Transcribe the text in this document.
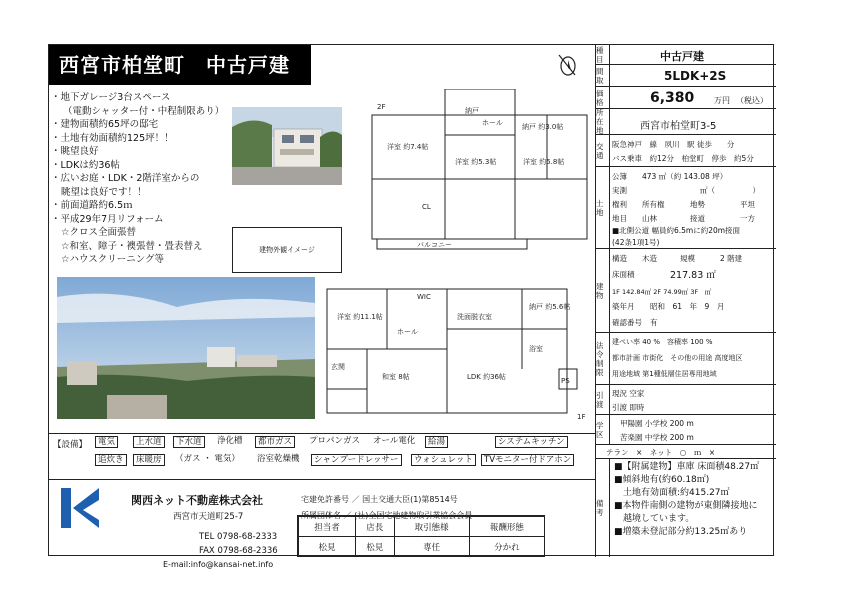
西宮市柏堂町　中古戸建
・地下ガレージ3台スペース
（電動シャッター付・中程制限あり）
・建物面積約65坪の邸宅
・土地有効面積約125坪！！
・眺望良好
・LDKは約36帖
・広いお庭・LDK・2階洋室からの
眺望は良好です！！
・前面道路約6.5ｍ
・平成29年7月リフォーム
☆クロス全面張替
☆和室、障子・襖張替・畳表替え
☆ハウスクリーニング等
建物外観イメージ
納戸
ホール	納戸 約3.0帖
洋室 約7.4帖
洋室 約5.3帖	洋室 約5.8帖
CL
バルコニー
WIC
洋室 約11.1帖
ホール
納戸 約5.6帖
洗面脱衣室
浴室
玄関
和室 8帖	LDK 約36帖	PS
1F
2F
【設備】	電気	上水道	下水道	浄化槽	都市ガス	プロパンガス オール電化	給湯	システムキッチン
追炊き	床暖房	（ガス ・ 電気） 浴室乾燥機	シャンプードレッサー	ウォシュレット	TVモニター付ドアホン
関西ネット不動産株式会社
西宮市天道町25-7
TEL 0798-68-2333
FAX 0798-68-2336
E-mail:info@kansai-net.info
宅建免許番号 ／ 国土交通大臣(1)第8514号
所属団体名 ／ (社)全国宅地建物取引業協会会員
担当者	店長	取引態様	報酬形態
松見	松見	専任	分かれ
種目	中古戸建
間取	5LDK+2S
価格	6,380 万円 （税込）
所在地	西宮市柏堂町3-5
交通
阪急神戸　線　夙川　駅 徒歩　　分
バス乗車　約12分　柏堂町　停歩　約5分
土地
公簿 473 ㎡（約 143.08 坪）
実測	㎡（　　　　　）
権利 所有権	地勢	平坦
地目 山林	接道	一方
■北側公道 幅員約6.5mに約20m接面
(42条1項1号)
建物
構造 木造	規模	2 階建
床面積	217.83 ㎡
1F 142.84㎡ 2F 74.99㎡ 3F　㎡
築年月 昭和　61　年　9　月
確認番号 有
法令制限
建ぺい率 40 %　容積率 100 %
都市計画 市街化　その他の用途 高度地区
用途地域 第1種低層住居専用地域
引渡
現況 空家
引渡 即時
学区
甲陽園 小学校 200 m
苦楽園 中学校 200 m
テラン　×　ネット　○　ｍ　×
備考
■【附属建物】車庫 床面積48.27㎡
■傾斜地有(約60.18㎡)
　土地有効面積:約415.27㎡
■本物件南側の建物が東側隣接地に
　越境しています。
■増築未登記部分約13.25㎡あり
